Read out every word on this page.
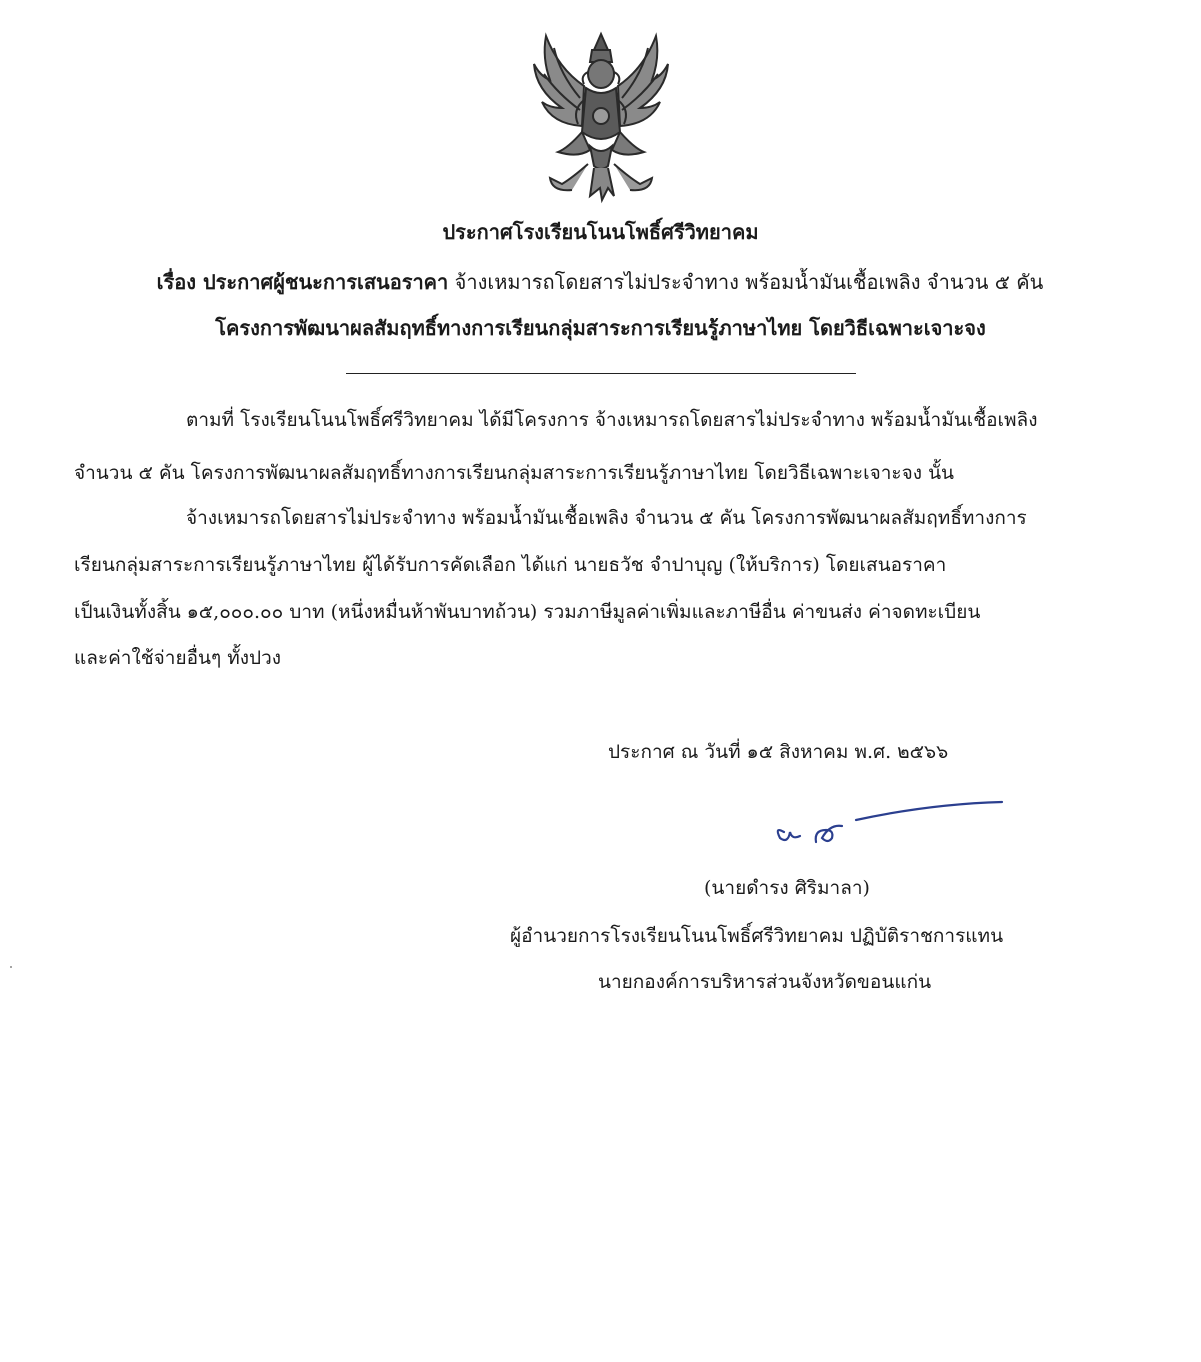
ประกาศโรงเรียนโนนโพธิ์ศรีวิทยาคม
เรื่อง ประกาศผู้ชนะการเสนอราคา จ้างเหมารถโดยสารไม่ประจำทาง พร้อมน้ำมันเชื้อเพลิง จำนวน ๕ คัน
โครงการพัฒนาผลสัมฤทธิ์ทางการเรียนกลุ่มสาระการเรียนรู้ภาษาไทย โดยวิธีเฉพาะเจาะจง
ตามที่ โรงเรียนโนนโพธิ์ศรีวิทยาคม ได้มีโครงการ จ้างเหมารถโดยสารไม่ประจำทาง พร้อมน้ำมันเชื้อเพลิง
จำนวน ๕ คัน โครงการพัฒนาผลสัมฤทธิ์ทางการเรียนกลุ่มสาระการเรียนรู้ภาษาไทย โดยวิธีเฉพาะเจาะจง นั้น
จ้างเหมารถโดยสารไม่ประจำทาง พร้อมน้ำมันเชื้อเพลิง จำนวน ๕ คัน โครงการพัฒนาผลสัมฤทธิ์ทางการ
เรียนกลุ่มสาระการเรียนรู้ภาษาไทย ผู้ได้รับการคัดเลือก ได้แก่ นายธวัช จำปาบุญ (ให้บริการ) โดยเสนอราคา
เป็นเงินทั้งสิ้น ๑๕,๐๐๐.๐๐ บาท (หนึ่งหมื่นห้าพันบาทถ้วน) รวมภาษีมูลค่าเพิ่มและภาษีอื่น ค่าขนส่ง ค่าจดทะเบียน
และค่าใช้จ่ายอื่นๆ ทั้งปวง
ประกาศ ณ วันที่ ๑๕ สิงหาคม พ.ศ. ๒๕๖๖
(นายดำรง ศิริมาลา)
ผู้อำนวยการโรงเรียนโนนโพธิ์ศรีวิทยาคม ปฏิบัติราชการแทน
นายกองค์การบริหารส่วนจังหวัดขอนแก่น
